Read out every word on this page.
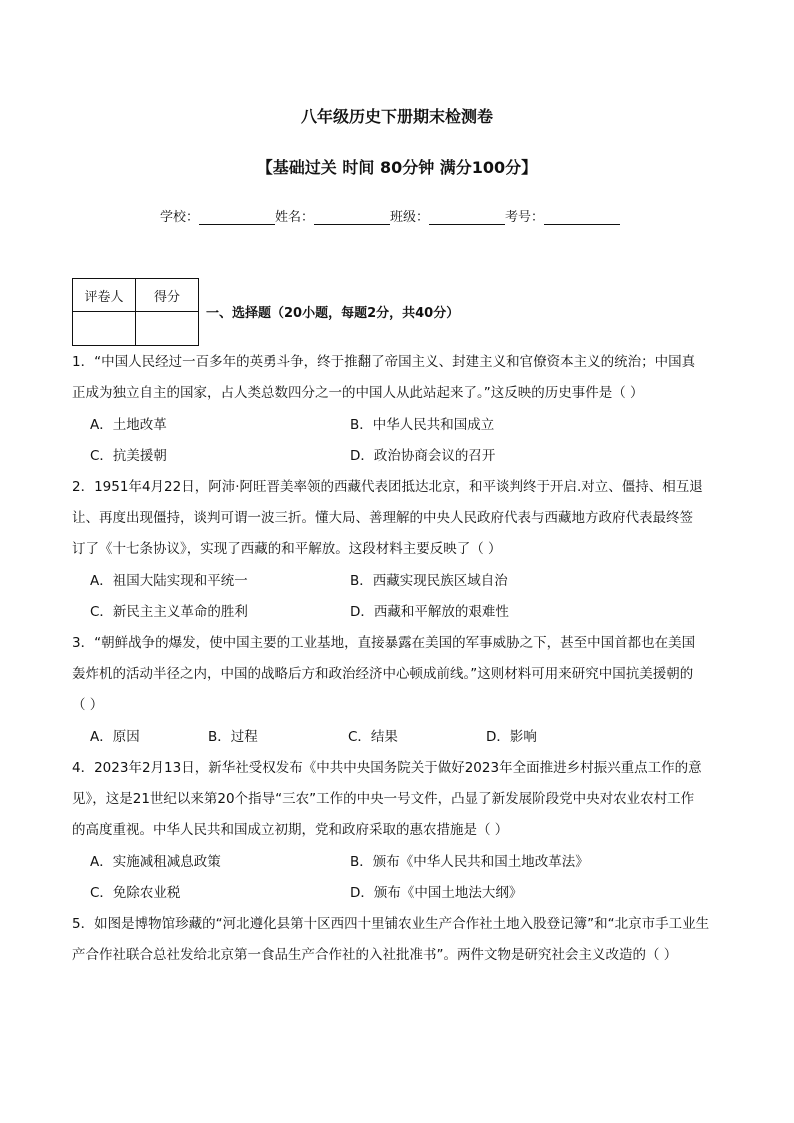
八年级历史下册期末检测卷
【基础过关 时间 80分钟 满分100分】
学校：	姓名：	班级：	考号：
评卷人	得分

一、选择题（20小题，每题2分，共40分）
1．“中国人民经过一百多年的英勇斗争，终于推翻了帝国主义、封建主义和官僚资本主义的统治；中国真
正成为独立自主的国家，占人类总数四分之一的中国人从此站起来了。”这反映的历史事件是（ ）
A．土地改革	B．中华人民共和国成立
C．抗美援朝	D．政治协商会议的召开
2．1951年4月22日，阿沛·阿旺晋美率领的西藏代表团抵达北京，和平谈判终于开启.对立、僵持、相互退
让、再度出现僵持，谈判可谓一波三折。懂大局、善理解的中央人民政府代表与西藏地方政府代表最终签
订了《十七条协议》，实现了西藏的和平解放。这段材料主要反映了（ ）
A．祖国大陆实现和平统一	B．西藏实现民族区域自治
C．新民主主义革命的胜利	D．西藏和平解放的艰难性
3．“朝鲜战争的爆发，使中国主要的工业基地，直接暴露在美国的军事威胁之下，甚至中国首都也在美国
轰炸机的活动半径之内，中国的战略后方和政治经济中心顿成前线。”这则材料可用来研究中国抗美援朝的
（ ）
A．原因	B．过程	C．结果	D．影响
4．2023年2月13日，新华社受权发布《中共中央国务院关于做好2023年全面推进乡村振兴重点工作的意
见》，这是21世纪以来第20个指导“三农”工作的中央一号文件，凸显了新发展阶段党中央对农业农村工作
的高度重视。中华人民共和国成立初期，党和政府采取的惠农措施是（ ）
A．实施减租减息政策	B．颁布《中华人民共和国土地改革法》
C．免除农业税	D．颁布《中国土地法大纲》
5．如图是博物馆珍藏的“河北遵化县第十区西四十里铺农业生产合作社土地入股登记簿”和“北京市手工业生
产合作社联合总社发给北京第一食品生产合作社的入社批准书”。两件文物是研究社会主义改造的（ ）
